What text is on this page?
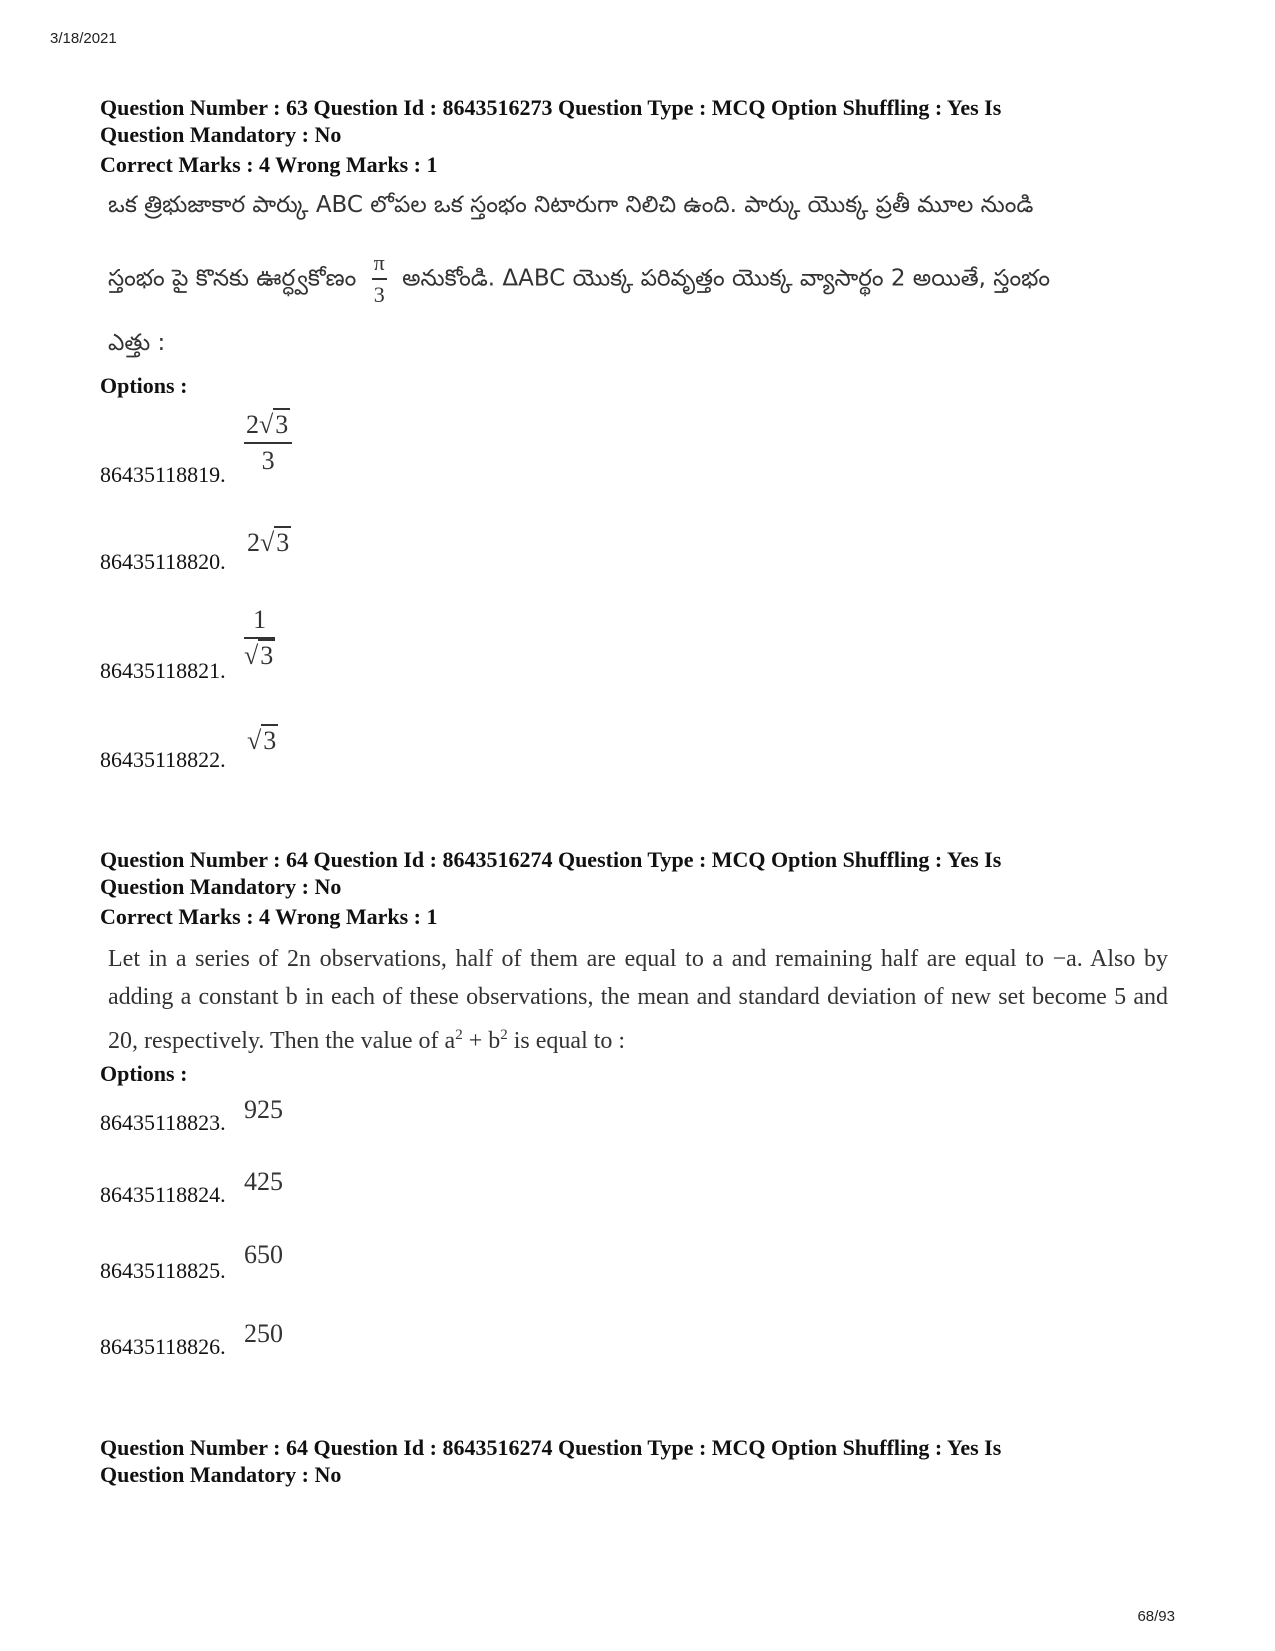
3/18/2021
Question Number : 63 Question Id : 8643516273 Question Type : MCQ Option Shuffling : Yes Is
Question Mandatory : No
Correct Marks : 4 Wrong Marks : 1
ఒక త్రిభుజాకార పార్కు ABC లోపల ఒక స్తంభం నిటారుగా నిలిచి ఉంది. పార్కు యొక్క ప్రతీ మూల నుండి
స్తంభం పై కొనకు ఊర్ధ్వకోణం $\frac{\pi}{3}$ అనుకోండి. ΔABC యొక్క పరివృత్తం యొక్క వ్యాసార్థం 2 అయితే, స్తంభం
ఎత్తు :
Options :
86435118819. $\frac{2√3}{3}$
86435118820.
2√3
86435118821. $\frac{1}{√3}$
86435118822.
√3
Question Number : 64 Question Id : 8643516274 Question Type : MCQ Option Shuffling : Yes Is
Question Mandatory : No
Correct Marks : 4 Wrong Marks : 1
Let in a series of 2n observations, half of them are equal to a and remaining half are equal to −a. Also by adding a constant b in each of these observations, the mean and standard deviation of new set become 5 and 20, respectively. Then the value of $a^2 + b^2$ is equal to :
Options :
86435118823. 925
86435118824. 425
86435118825.
650
86435118826. 250
Question Number : 64 Question Id : 8643516274 Question Type : MCQ Option Shuffling : Yes Is
Question Mandatory : No
68/93
